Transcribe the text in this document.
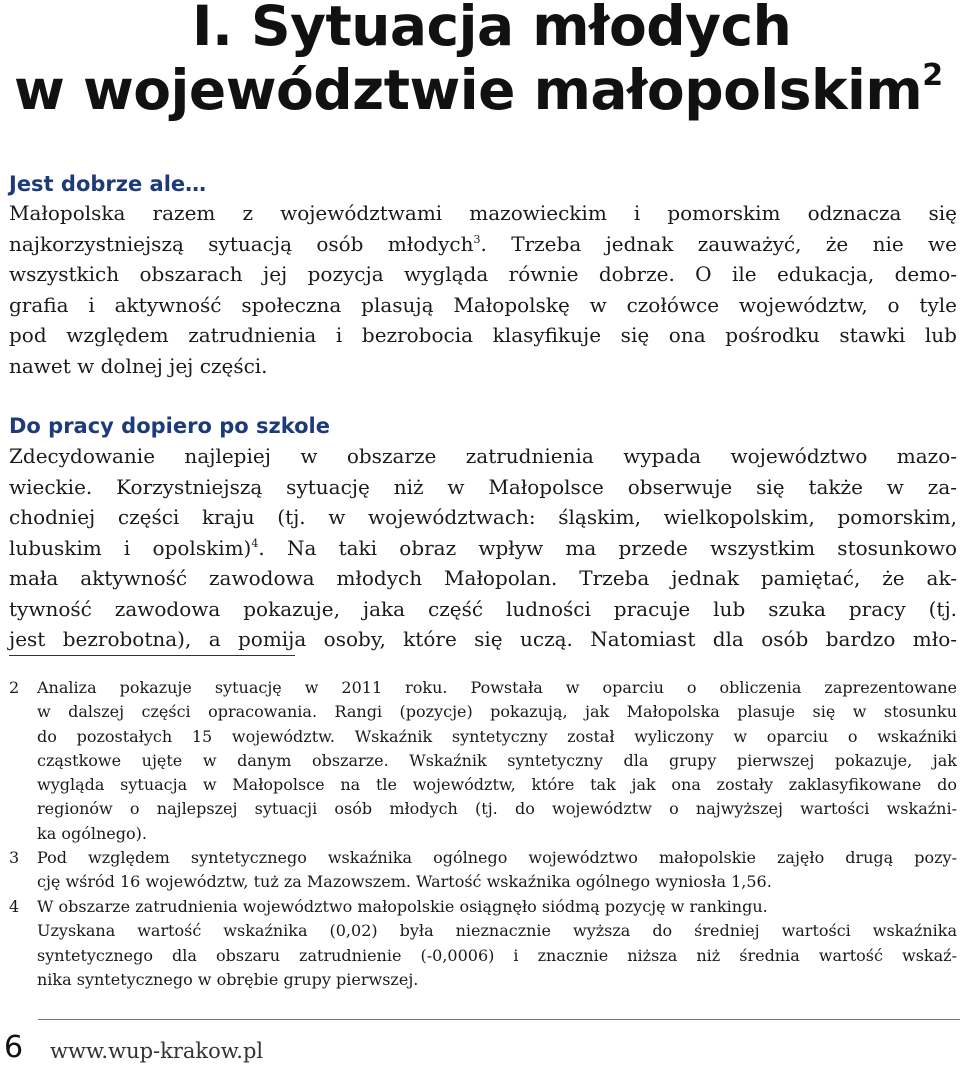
I. Sytuacja młodych
w województwie małopolskim$^2$
Jest dobrze ale…
Małopolska razem z województwami mazowieckim i pomorskim odznacza się
najkorzystniejszą sytuacją osób młodych$^3$. Trzeba jednak zauważyć, że nie we
wszystkich obszarach jej pozycja wygląda równie dobrze. O ile edukacja, demo-
grafia i aktywność społeczna plasują Małopolskę w czołówce województw, o tyle
pod względem zatrudnienia i bezrobocia klasyfikuje się ona pośrodku stawki lub
nawet w dolnej jej części.
Do pracy dopiero po szkole
Zdecydowanie najlepiej w obszarze zatrudnienia wypada województwo mazo-
wieckie. Korzystniejszą sytuację niż w Małopolsce obserwuje się także w za-
chodniej części kraju (tj. w województwach: śląskim, wielkopolskim, pomorskim,
lubuskim i opolskim)$^4$. Na taki obraz wpływ ma przede wszystkim stosunkowo
mała aktywność zawodowa młodych Małopolan. Trzeba jednak pamiętać, że ak-
tywność zawodowa pokazuje, jaka część ludności pracuje lub szuka pracy (tj.
jest bezrobotna), a pomija osoby, które się uczą. Natomiast dla osób bardzo mło-
2 Analiza pokazuje sytuację w 2011 roku. Powstała w oparciu o obliczenia zaprezentowane
w dalszej części opracowania. Rangi (pozycje) pokazują, jak Małopolska plasuje się w stosunku
do pozostałych 15 województw. Wskaźnik syntetyczny został wyliczony w oparciu o wskaźniki
cząstkowe ujęte w danym obszarze. Wskaźnik syntetyczny dla grupy pierwszej pokazuje, jak
wygląda sytuacja w Małopolsce na tle województw, które tak jak ona zostały zaklasyfikowane do
regionów o najlepszej sytuacji osób młodych (tj. do województw o najwyższej wartości wskaźni-
ka ogólnego).
3 Pod względem syntetycznego wskaźnika ogólnego województwo małopolskie zajęło drugą pozy-
cję wśród 16 województw, tuż za Mazowszem. Wartość wskaźnika ogólnego wyniosła 1,56.
4 W obszarze zatrudnienia województwo małopolskie osiągnęło siódmą pozycję w rankingu.
Uzyskana wartość wskaźnika (0,02) była nieznacznie wyższa do średniej wartości wskaźnika
syntetycznego dla obszaru zatrudnienie (-0,0006) i znacznie niższa niż średnia wartość wskaź-
nika syntetycznego w obrębie grupy pierwszej.
6 www.wup-krakow.pl
